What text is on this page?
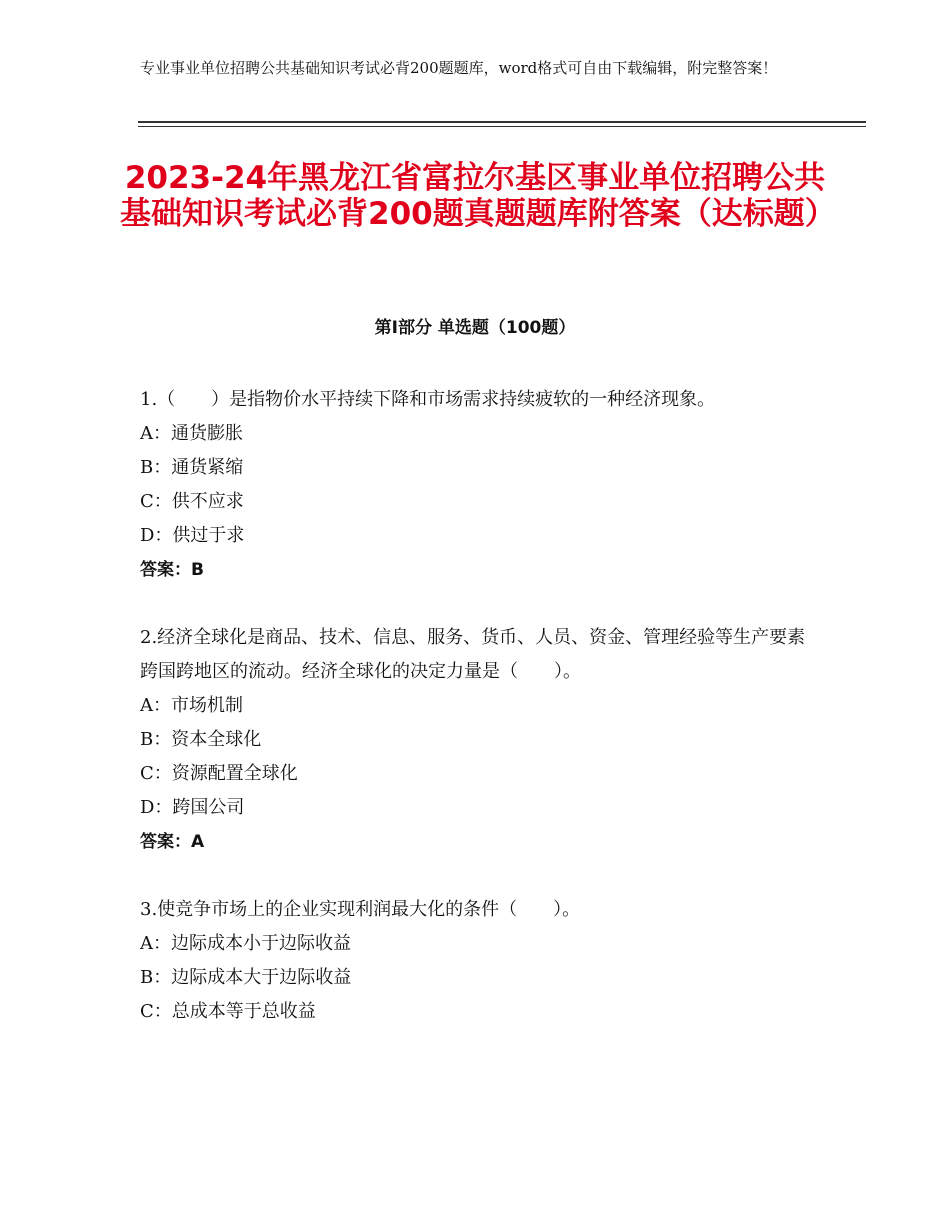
专业事业单位招聘公共基础知识考试必背200题题库，word格式可自由下载编辑，附完整答案！
2023-24年黑龙江省富拉尔基区事业单位招聘公共基础知识考试必背200题真题题库附答案（达标题）
第Ⅰ部分 单选题（100题）

1.（　　）是指物价水平持续下降和市场需求持续疲软的一种经济现象。

A：通货膨胀

B：通货紧缩

C：供不应求

D：供过于求

答案：B

2.经济全球化是商品、技术、信息、服务、货币、人员、资金、管理经验等生产要素跨国跨地区的流动。经济全球化的决定力量是（　　）。

A：市场机制

B：资本全球化

C：资源配置全球化

D：跨国公司

答案：A

3.使竞争市场上的企业实现利润最大化的条件（　　）。

A：边际成本小于边际收益

B：边际成本大于边际收益

C：总成本等于总收益
